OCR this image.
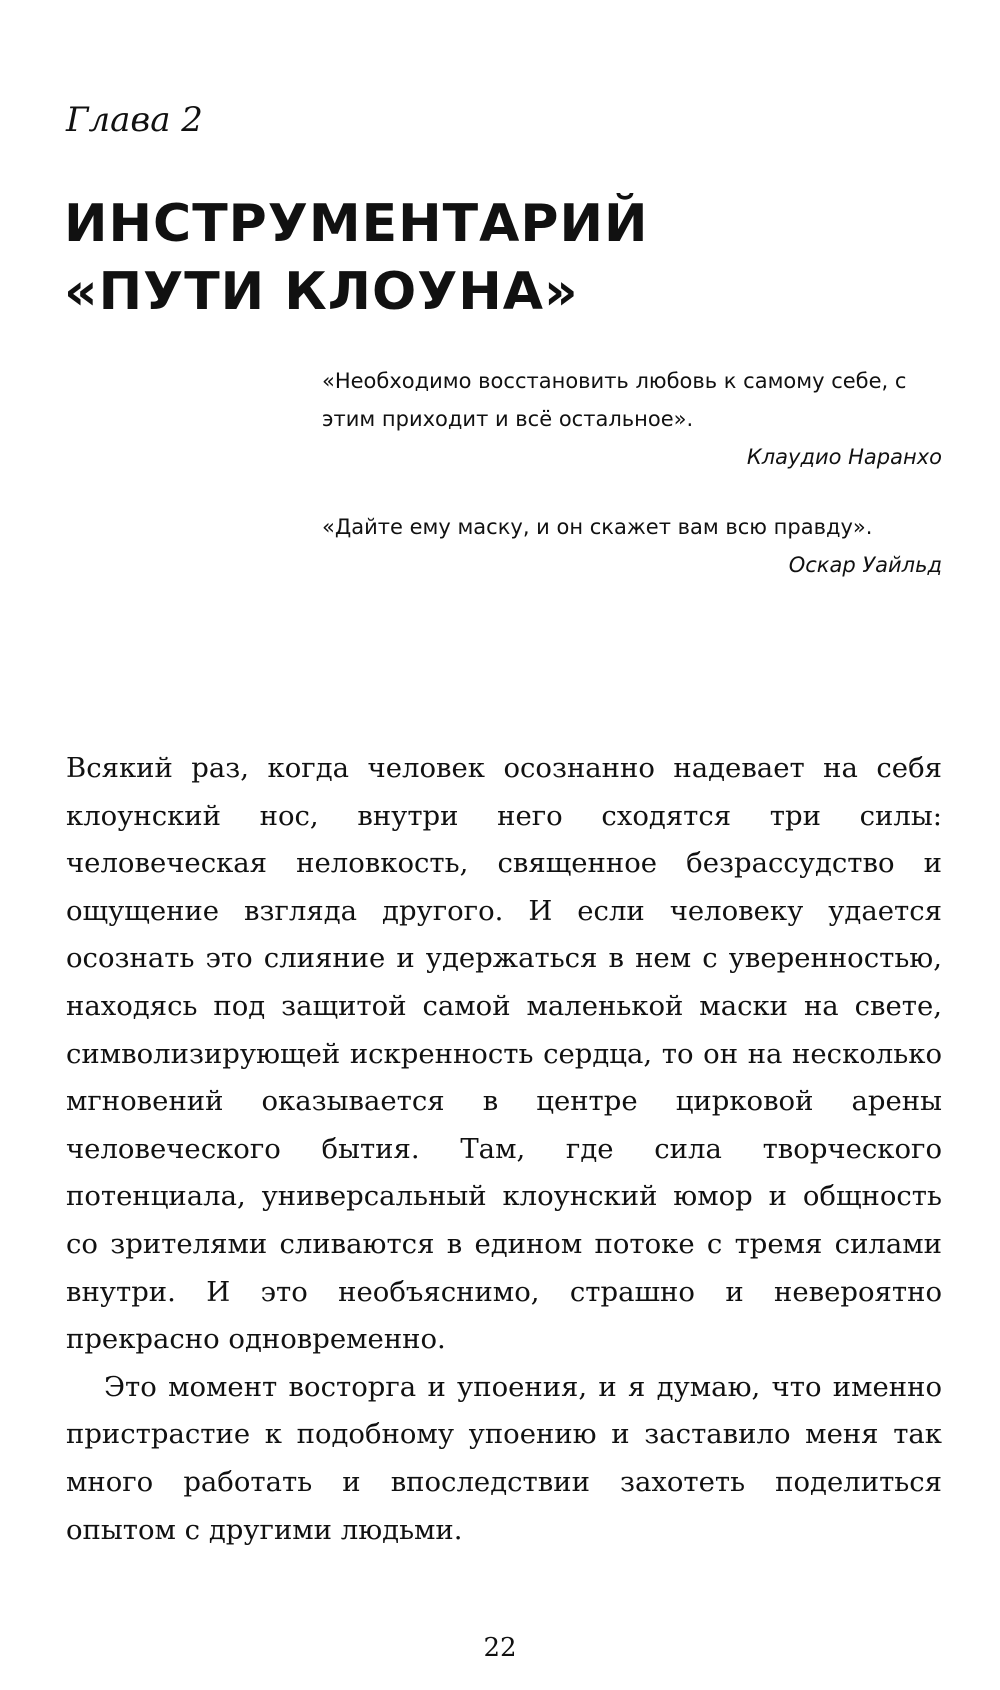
Глава 2
ИНСТРУМЕНТАРИЙ
«ПУТИ КЛОУНА»

«Необходимо восстановить любовь к самому себе, с этим приходит и всё остальное».

Клаудио Наранхо

«Дайте ему маску, и он скажет вам всю правду».

Оскар Уайльд

Всякий раз, когда человек осознанно надевает на себя клоунский нос, внутри него сходятся три силы: человеческая неловкость, священное безрассудство и ощущение взгляда другого. И если человеку удается осознать это слияние и удержаться в нем с уверенностью, находясь под защитой самой маленькой маски на свете, символизирующей искренность сердца, то он на несколько мгновений оказывается в центре цирковой арены человеческого бытия. Там, где сила творческого потенциала, универсальный клоунский юмор и общность со зрителями сливаются в едином потоке с тремя силами внутри. И это необъяснимо, страшно и невероятно прекрасно одновременно.

Это момент восторга и упоения, и я думаю, что именно пристрастие к подобному упоению и заставило меня так много работать и впоследствии захотеть поделиться опытом с другими людьми.

22
